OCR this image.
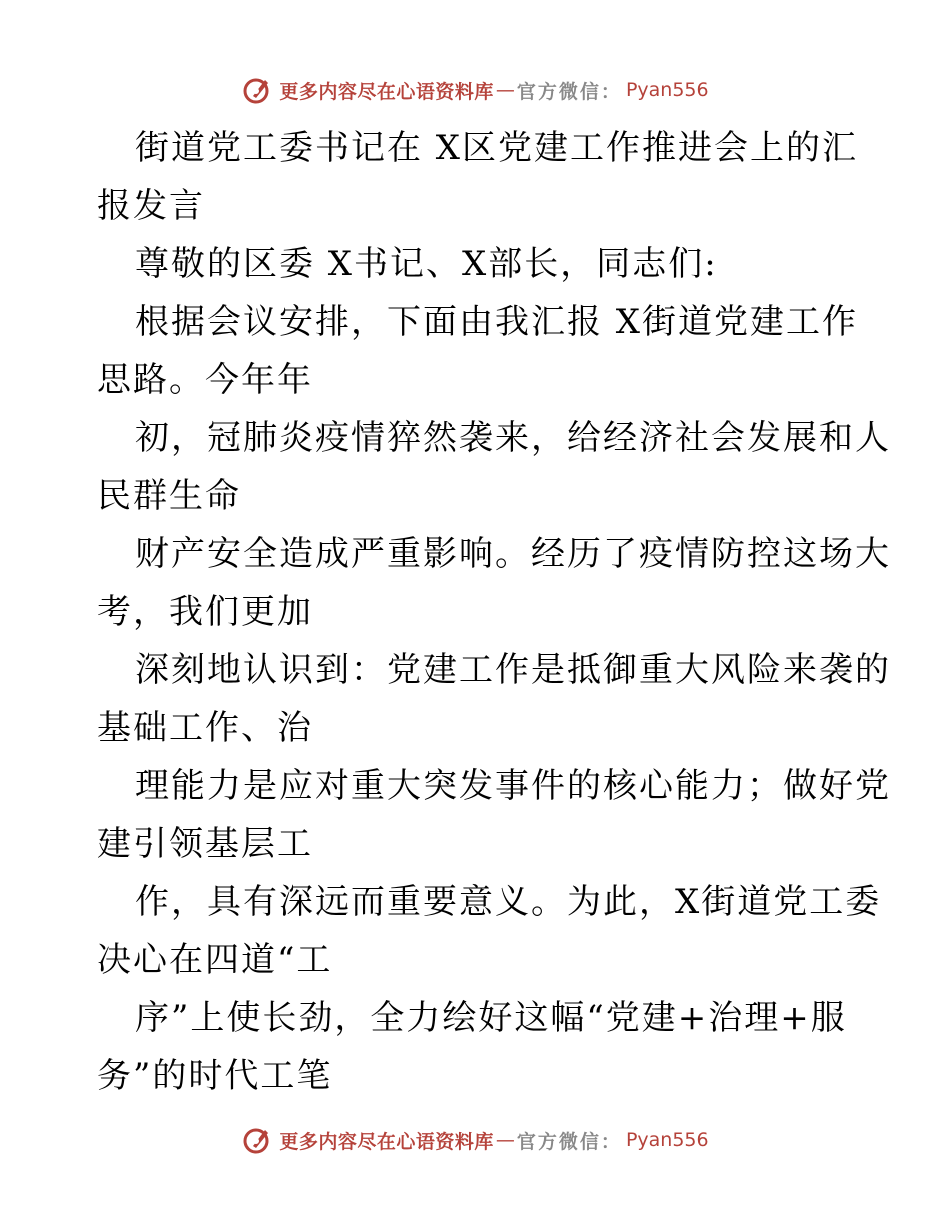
更多内容尽在心语资料库 — 官方微信： Pyan556
街道党工委书记在 X区党建工作推进会上的汇
报发言
尊敬的区委 X书记、X部长，同志们:
根据会议安排，下面由我汇报 X街道党建工作
思路。今年年
初，冠肺炎疫情猝然袭来，给经济社会发展和人
民群生命
财产安全造成严重影响。经历了疫情防控这场大
考，我们更加
深刻地认识到：党建工作是抵御重大风险来袭的
基础工作、治
理能力是应对重大突发事件的核心能力；做好党
建引领基层工
作，具有深远而重要意义。为此，X街道党工委
决心在四道“工
序”上使长劲，全力绘好这幅“党建+治理+服
务”的时代工笔
更多内容尽在心语资料库 — 官方微信： Pyan556
